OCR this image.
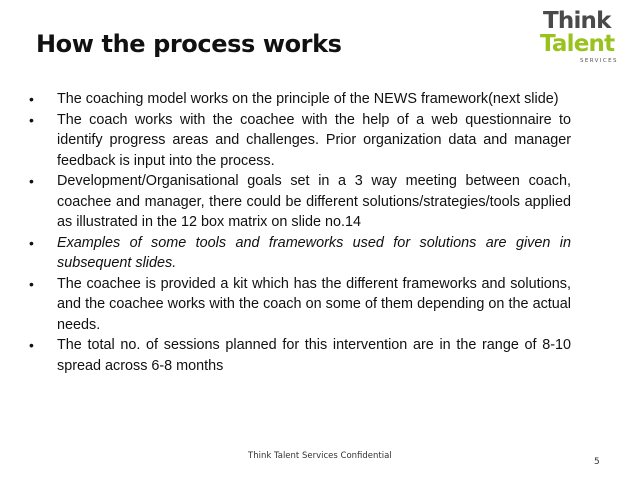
How the process works
Think
Talent
SERVICES
• The coaching model works on the principle of the NEWS framework(next slide)
• The coach works with the coachee with the help of a web questionnaire to identify progress areas and challenges. Prior organization data and manager feedback is input into the process.
• Development/Organisational goals set in a 3 way meeting between coach, coachee and manager, there could be different solutions/strategies/tools applied as illustrated in the 12 box matrix on slide no.14
• Examples of some tools and frameworks used for solutions are given in subsequent slides.
• The coachee is provided a kit which has the different frameworks and solutions, and the coachee works with the coach on some of them depending on the actual needs.
• The total no. of sessions planned for this intervention are in the range of 8-10 spread across 6-8 months
Think Talent Services Confidential
5
